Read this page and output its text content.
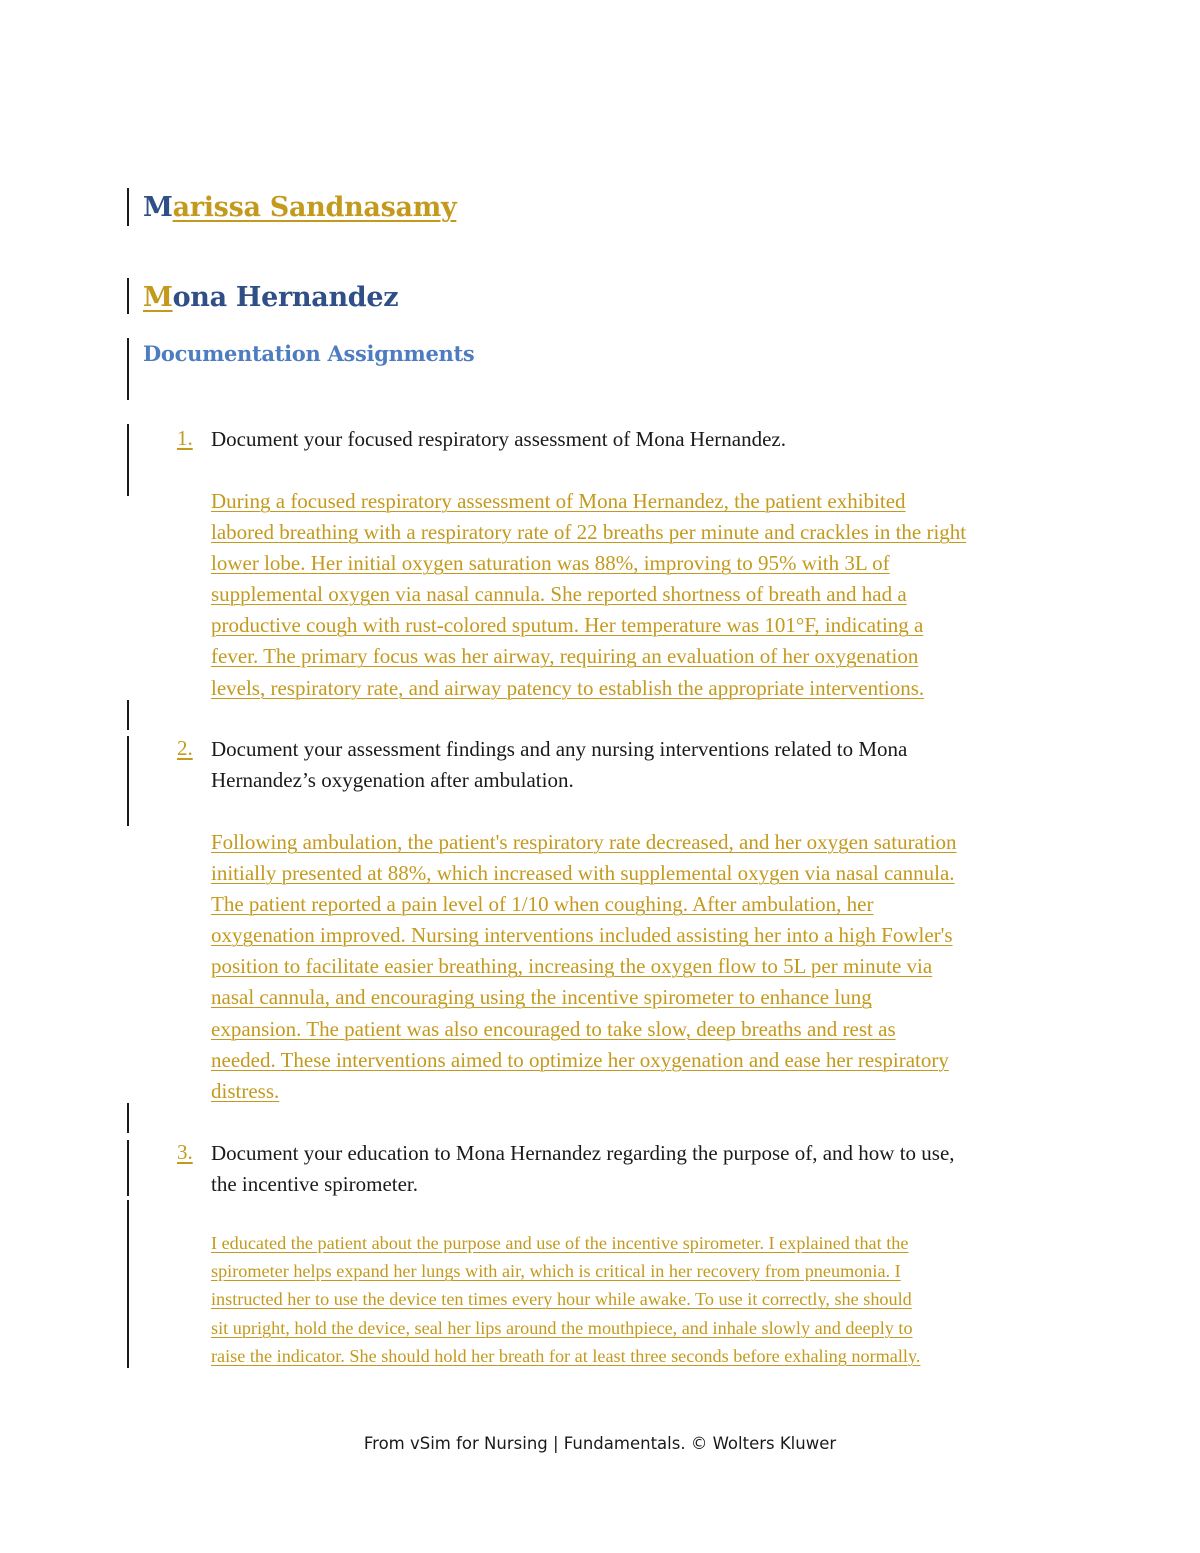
Marissa Sandnasamy
Mona Hernandez
Documentation Assignments
1. Document your focused respiratory assessment of Mona Hernandez.
During a focused respiratory assessment of Mona Hernandez, the patient exhibited
labored breathing with a respiratory rate of 22 breaths per minute and crackles in the right
lower lobe. Her initial oxygen saturation was 88%, improving to 95% with 3L of
supplemental oxygen via nasal cannula. She reported shortness of breath and had a
productive cough with rust-colored sputum. Her temperature was 101°F, indicating a
fever. The primary focus was her airway, requiring an evaluation of her oxygenation
levels, respiratory rate, and airway patency to establish the appropriate interventions.
2. Document your assessment findings and any nursing interventions related to Mona
Hernandez’s oxygenation after ambulation.
Following ambulation, the patient's respiratory rate decreased, and her oxygen saturation
initially presented at 88%, which increased with supplemental oxygen via nasal cannula.
The patient reported a pain level of 1/10 when coughing. After ambulation, her
oxygenation improved. Nursing interventions included assisting her into a high Fowler's
position to facilitate easier breathing, increasing the oxygen flow to 5L per minute via
nasal cannula, and encouraging using the incentive spirometer to enhance lung
expansion. The patient was also encouraged to take slow, deep breaths and rest as
needed. These interventions aimed to optimize her oxygenation and ease her respiratory
distress.
3. Document your education to Mona Hernandez regarding the purpose of, and how to use,
the incentive spirometer.
I educated the patient about the purpose and use of the incentive spirometer. I explained that the
spirometer helps expand her lungs with air, which is critical in her recovery from pneumonia. I
instructed her to use the device ten times every hour while awake. To use it correctly, she should
sit upright, hold the device, seal her lips around the mouthpiece, and inhale slowly and deeply to
raise the indicator. She should hold her breath for at least three seconds before exhaling normally.
From vSim for Nursing | Fundamentals. © Wolters Kluwer
